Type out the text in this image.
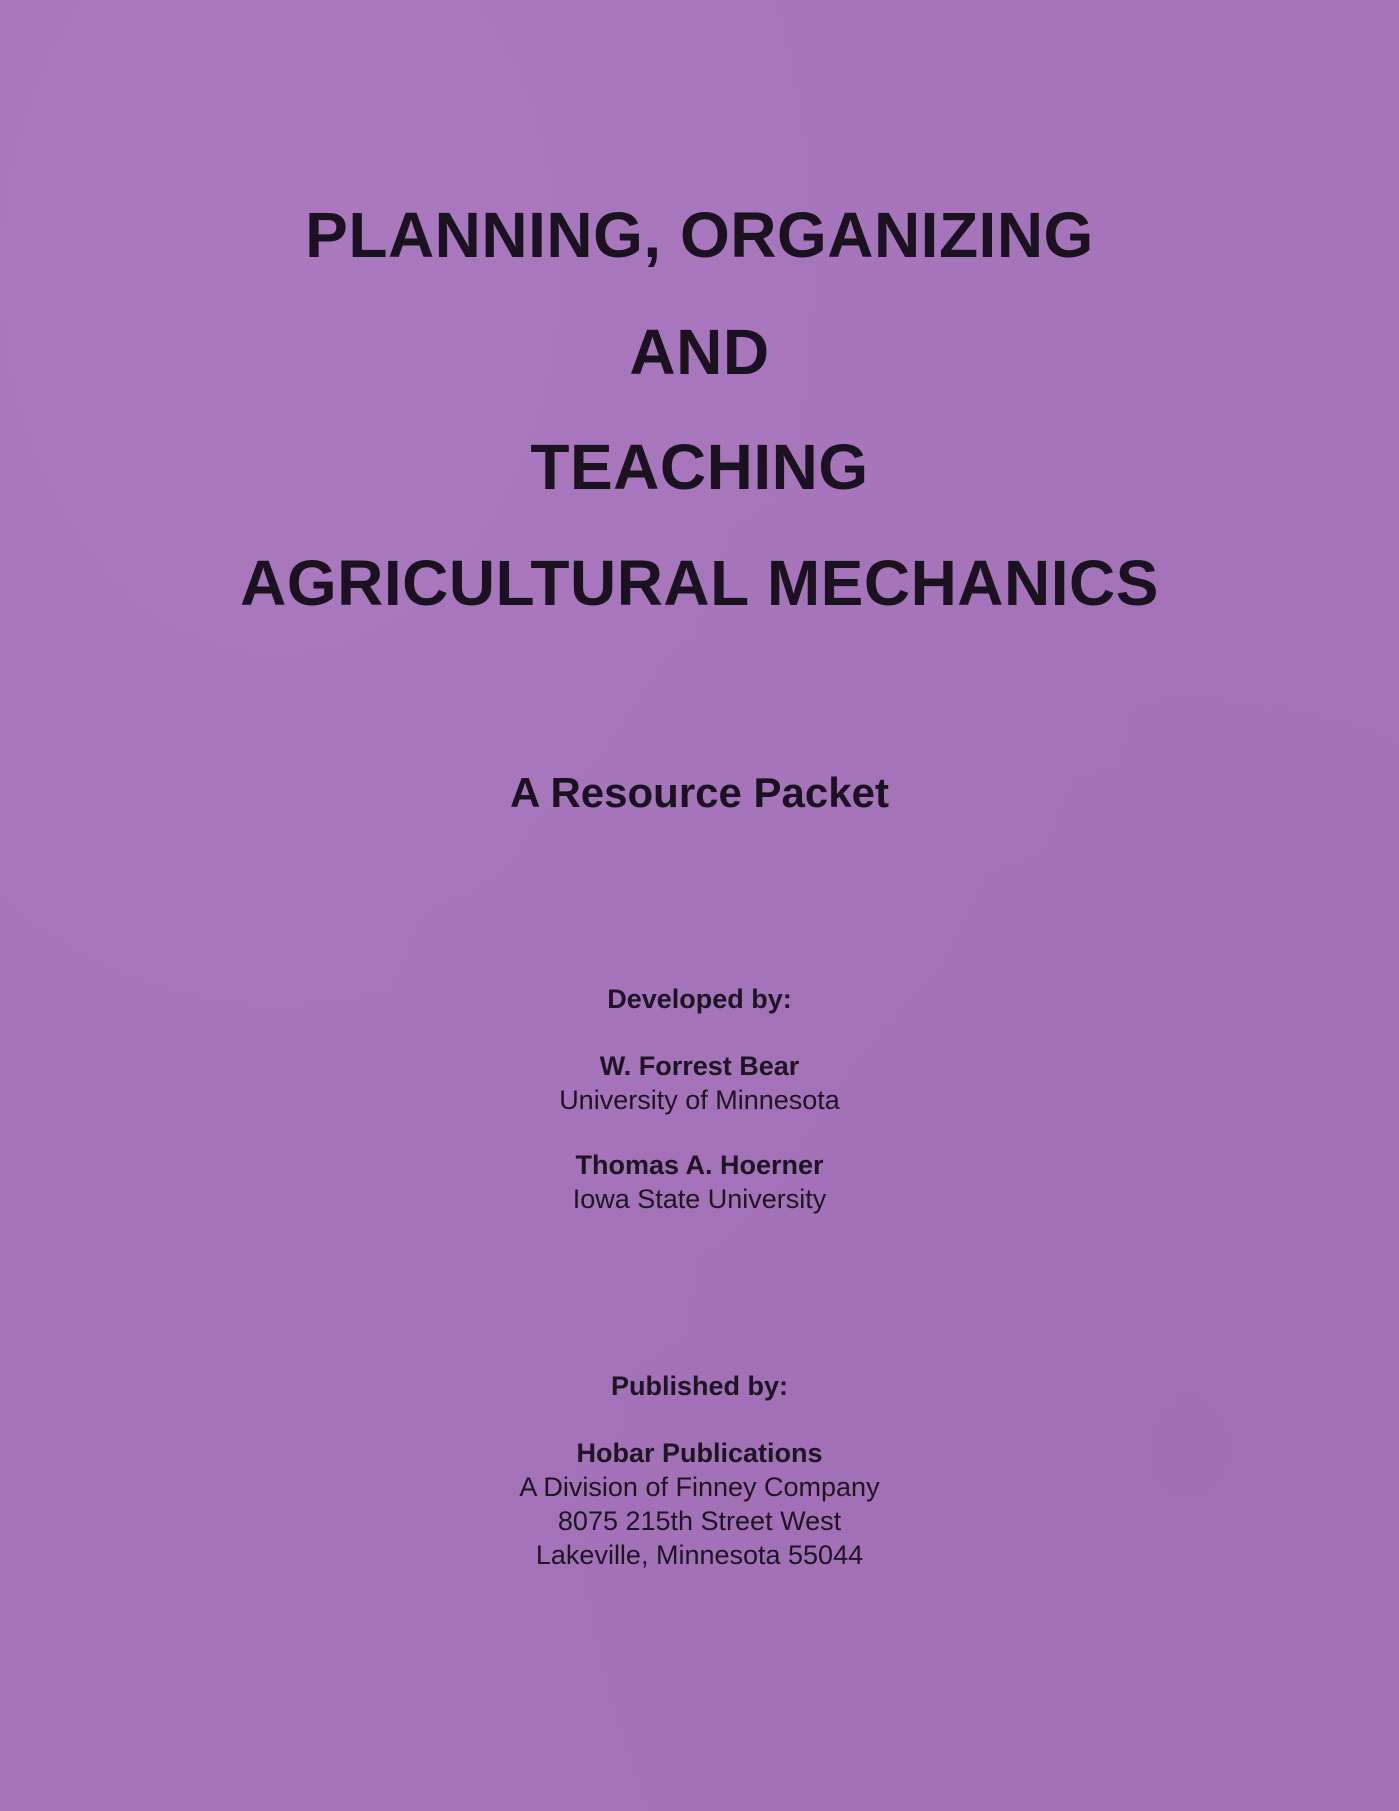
PLANNING, ORGANIZING
AND
TEACHING
AGRICULTURAL MECHANICS
A Resource Packet
Developed by:
W. Forrest Bear
University of Minnesota
Thomas A. Hoerner
Iowa State University
Published by:
Hobar Publications
A Division of Finney Company
8075 215th Street West
Lakeville, Minnesota 55044
